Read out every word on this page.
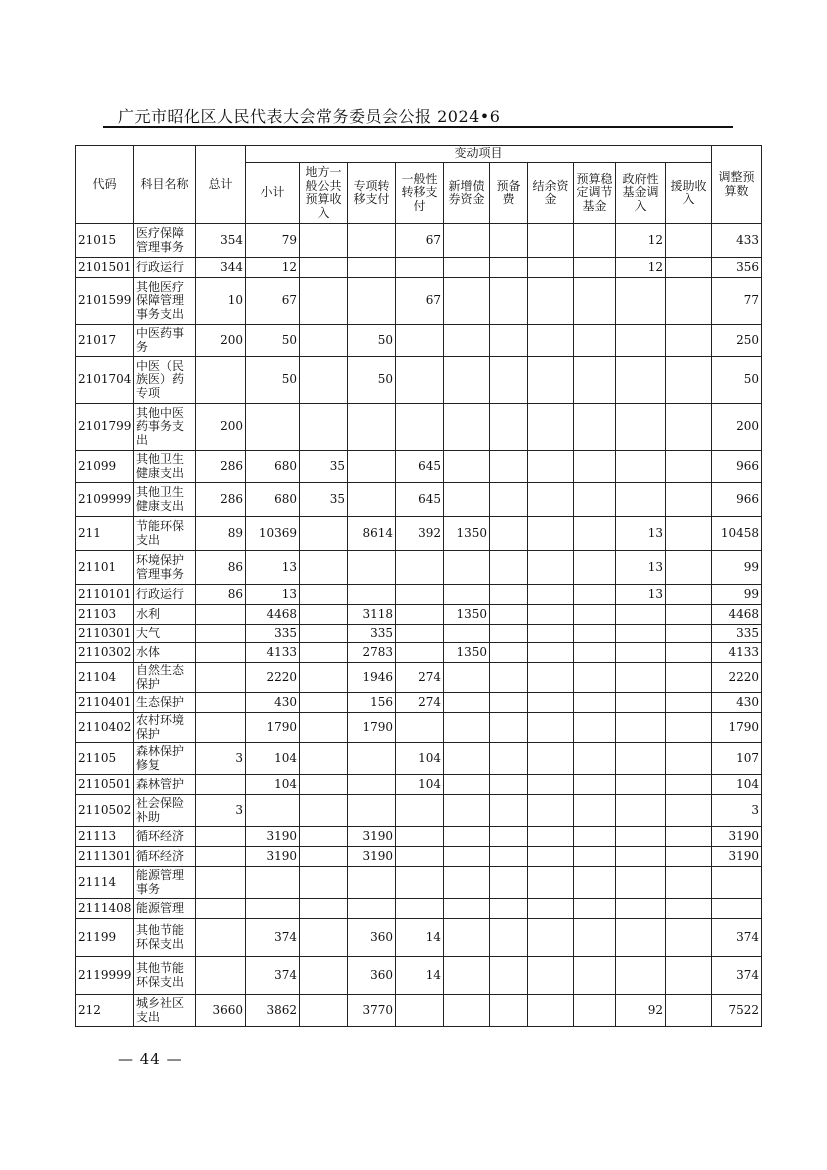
广元市昭化区人民代表大会常务委员会公报 2024•6
代码	科目名称	总计	变动项目										调整预算数
			小计	地方一般公共预算收入	专项转移支付	一般性转移支付	新增债券资金	预备费	结余资金	预算稳定调节基金	政府性基金调入	援助收入	
21015	医疗保障管理事务	354	79			67					12		433
2101501	行政运行	344	12								12		356
2101599	其他医疗保障管理事务支出	10	67			67							77
21017	中医药事务	200	50		50								250
2101704	中医（民族医）药专项		50		50								50
2101799	其他中医药事务支出	200											200
21099	其他卫生健康支出	286	680	35		645							966
2109999	其他卫生健康支出	286	680	35		645							966
211	节能环保支出	89	10369		8614	392	1350				13		10458
21101	环境保护管理事务	86	13								13		99
2110101	行政运行	86	13								13		99
21103	水利		4468		3118		1350						4468
2110301	大气		335		335								335
2110302	水体		4133		2783		1350						4133
21104	自然生态保护		2220		1946	274							2220
2110401	生态保护		430		156	274							430
2110402	农村环境保护		1790		1790								1790
21105	森林保护修复	3	104			104							107
2110501	森林管护		104			104							104
2110502	社会保险补助	3											3
21113	循环经济		3190		3190								3190
2111301	循环经济		3190		3190								3190
21114	能源管理事务												
2111408	能源管理												
21199	其他节能环保支出		374		360	14							374
2119999	其他节能环保支出		374		360	14							374
212	城乡社区支出	3660	3862		3770						92		7522
— 44 —
